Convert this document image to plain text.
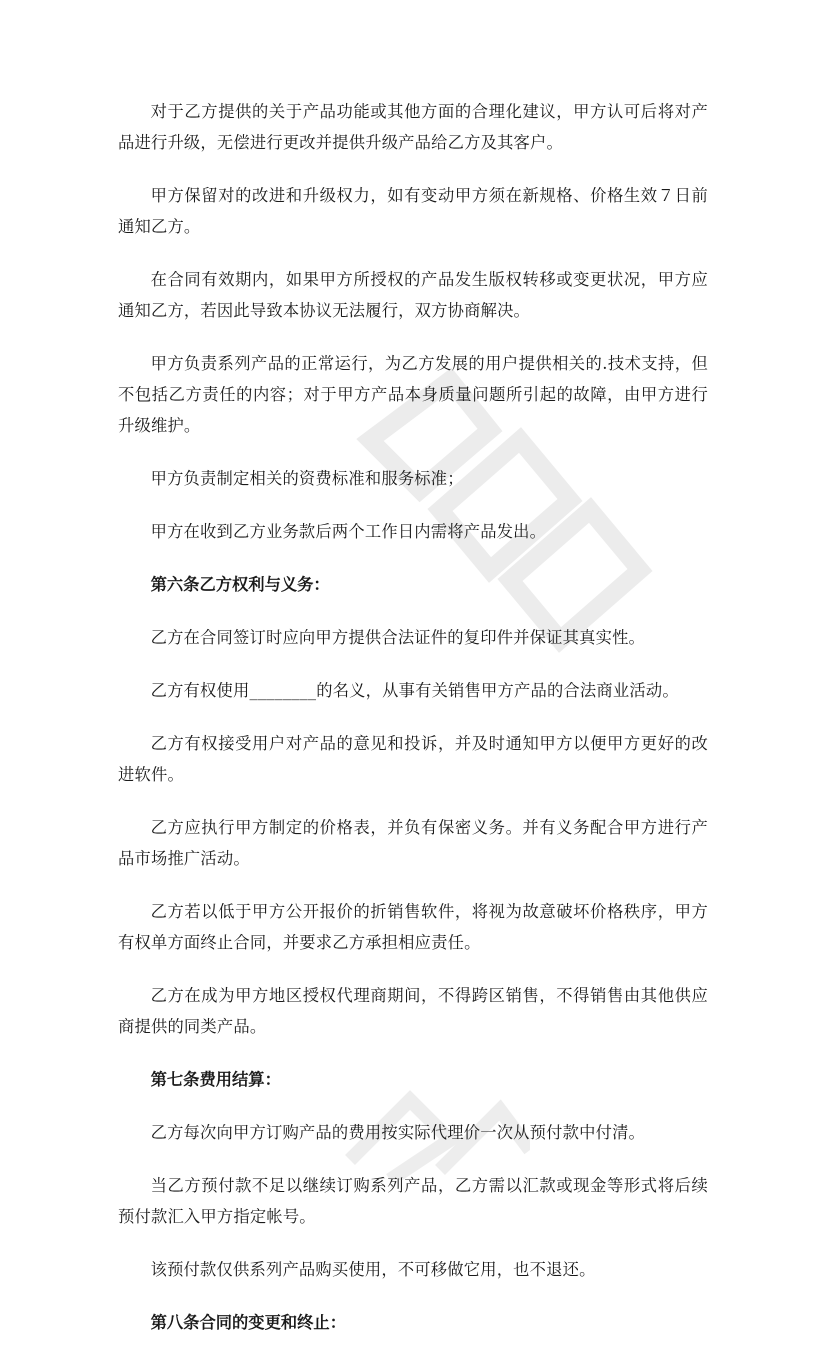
对于乙方提供的关于产品功能或其他方面的合理化建议，甲方认可后将对产品进行升级，无偿进行更改并提供升级产品给乙方及其客户。

甲方保留对的改进和升级权力，如有变动甲方须在新规格、价格生效７日前通知乙方。

在合同有效期内，如果甲方所授权的产品发生版权转移或变更状况，甲方应通知乙方，若因此导致本协议无法履行，双方协商解决。

甲方负责系列产品的正常运行，为乙方发展的用户提供相关的.技术支持，但不包括乙方责任的内容；对于甲方产品本身质量问题所引起的故障，由甲方进行升级维护。

甲方负责制定相关的资费标准和服务标准；

甲方在收到乙方业务款后两个工作日内需将产品发出。

第六条乙方权利与义务：

乙方在合同签订时应向甲方提供合法证件的复印件并保证其真实性。

乙方有权使用________的名义，从事有关销售甲方产品的合法商业活动。

乙方有权接受用户对产品的意见和投诉，并及时通知甲方以便甲方更好的改进软件。

乙方应执行甲方制定的价格表，并负有保密义务。并有义务配合甲方进行产品市场推广活动。

乙方若以低于甲方公开报价的折销售软件，将视为故意破坏价格秩序，甲方有权单方面终止合同，并要求乙方承担相应责任。

乙方在成为甲方地区授权代理商期间，不得跨区销售，不得销售由其他供应商提供的同类产品。

第七条费用结算：

乙方每次向甲方订购产品的费用按实际代理价一次从预付款中付清。

当乙方预付款不足以继续订购系列产品，乙方需以汇款或现金等形式将后续预付款汇入甲方指定帐号。

该预付款仅供系列产品购买使用，不可移做它用，也不退还。

第八条合同的变更和终止：
